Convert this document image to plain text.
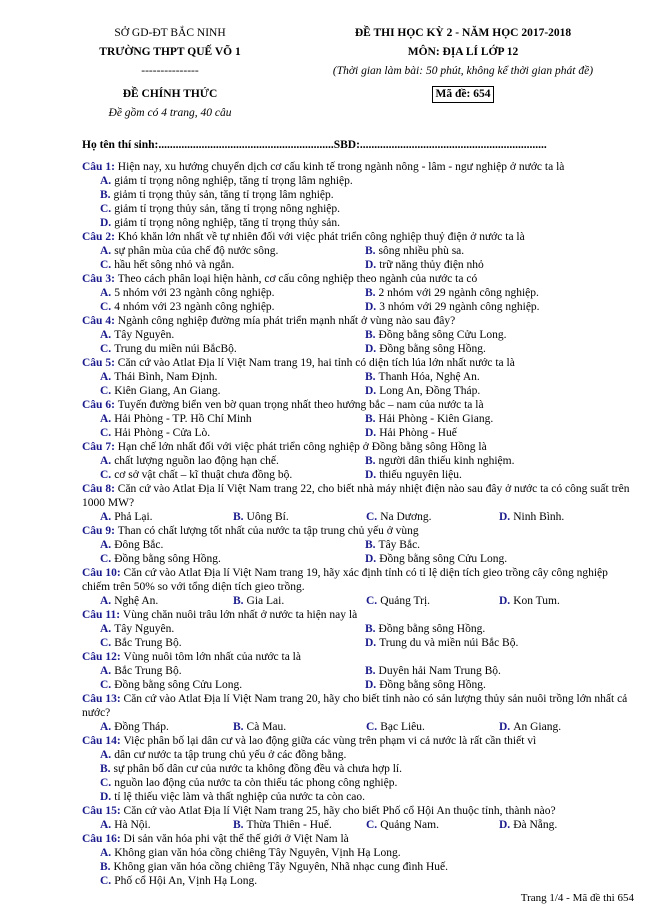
SỞ GD-ĐT BẮC NINH
TRƯỜNG THPT QUẾ VÕ 1
---------------
ĐỀ CHÍNH THỨC
Đề gồm có 4 trang, 40 câu
ĐỀ THI HỌC KỲ 2 - NĂM HỌC 2017-2018
MÔN: ĐỊA LÍ LỚP 12
(Thời gian làm bài: 50 phút, không kể thời gian phát đề)
Mã đề: 654
Họ tên thí sinh:.............................................................SBD:.................................................................
Câu 1: Hiện nay, xu hướng chuyển dịch cơ cấu kinh tế trong ngành nông - lâm - ngư nghiệp ở nước ta là
A. giảm tỉ trọng nông nghiệp, tăng tỉ trọng lâm nghiệp.
B. giảm tỉ trọng thủy sản, tăng tỉ trọng lâm nghiệp.
C. giảm tỉ trọng thủy sản, tăng tỉ trọng nông nghiệp.
D. giảm tỉ trọng nông nghiệp, tăng tỉ trọng thủy sản.
Câu 2: Khó khăn lớn nhất về tự nhiên đối với việc phát triển công nghiệp thuỷ điện ở nước ta là
A. sự phân mùa của chế độ nước sông.	B. sông nhiều phù sa.
C. hầu hết sông nhỏ và ngắn.	D. trữ năng thủy điện nhỏ
Câu 3: Theo cách phân loại hiện hành, cơ cấu công nghiệp theo ngành của nước ta có
A. 5 nhóm với 23 ngành công nghiệp.	B. 2 nhóm với 29 ngành công nghiệp.
C. 4 nhóm với 23 ngành công nghiệp.	D. 3 nhóm với 29 ngành công nghiệp.
Câu 4: Ngành công nghiệp đường mía phát triển mạnh nhất ở vùng nào sau đây?
A. Tây Nguyên.	B. Đồng bằng sông Cửu Long.
C. Trung du miền núi BắcBộ.	D. Đồng bằng sông Hồng.
Câu 5: Căn cứ vào Atlat Địa lí Việt Nam trang 19, hai tỉnh có diện tích lúa lớn nhất nước ta là
A. Thái Bình, Nam Định.	B. Thanh Hóa, Nghệ An.
C. Kiên Giang, An Giang.	D. Long An, Đồng Tháp.
Câu 6: Tuyến đường biển ven bờ quan trọng nhất theo hướng bắc – nam của nước ta là
A. Hải Phòng - TP. Hồ Chí Minh	B. Hải Phòng - Kiên Giang.
C. Hải Phòng - Cửa Lò.	D. Hải Phòng - Huế
Câu 7: Hạn chế lớn nhất đối với việc phát triển công nghiệp ở Đồng bằng sông Hồng là
A. chất lượng nguồn lao động hạn chế.	B. người dân thiếu kinh nghiệm.
C. cơ sở vật chất – kĩ thuật chưa đồng bộ.	D. thiếu nguyên liệu.
Câu 8: Căn cứ vào Atlat Địa lí Việt Nam trang 22, cho biết nhà máy nhiệt điện nào sau đây ở nước ta có công suất trên 1000 MW?
A. Phả Lại.	B. Uông Bí.	C. Na Dương.	D. Ninh Bình.
Câu 9: Than có chất lượng tốt nhất của nước ta tập trung chủ yếu ở vùng
A. Đông Bắc.	B. Tây Bắc.
C. Đồng bằng sông Hồng.	D. Đồng bằng sông Cửu Long.
Câu 10: Căn cứ vào Atlat Địa lí Việt Nam trang 19, hãy xác định tỉnh có tỉ lệ diện tích gieo trồng cây công nghiệp chiếm trên 50% so với tổng diện tích gieo trồng.
A. Nghệ An.	B. Gia Lai.	C. Quảng Trị.	D. Kon Tum.
Câu 11: Vùng chăn nuôi trâu lớn nhất ở nước ta hiện nay là
A. Tây Nguyên.	B. Đồng bằng sông Hồng.
C. Bắc Trung Bộ.	D. Trung du và miền núi Bắc Bộ.
Câu 12: Vùng nuôi tôm lớn nhất của nước ta là
A. Bắc Trung Bộ.	B. Duyên hải Nam Trung Bộ.
C. Đồng bằng sông Cửu Long.	D. Đồng bằng sông Hồng.
Câu 13: Căn cứ vào Atlat Địa lí Việt Nam trang 20, hãy cho biết tỉnh nào có sản lượng thủy sản nuôi trồng lớn nhất cả nước?
A. Đồng Tháp.	B. Cà Mau.	C. Bạc Liêu.	D. An Giang.
Câu 14: Việc phân bố lại dân cư và lao động giữa các vùng trên phạm vi cả nước là rất cần thiết vì
A. dân cư nước ta tập trung chủ yếu ở các đồng bằng.
B. sự phân bố dân cư của nước ta không đồng đều và chưa hợp lí.
C. nguồn lao động của nước ta còn thiếu tác phong công nghiệp.
D. tỉ lệ thiếu việc làm và thất nghiệp của nước ta còn cao.
Câu 15: Căn cứ vào Atlat Địa lí Việt Nam trang 25, hãy cho biết Phố cổ Hội An thuộc tỉnh, thành nào?
A. Hà Nội.	B. Thừa Thiên - Huế.	C. Quảng Nam.	D. Đà Nẵng.
Câu 16: Di sản văn hóa phi vật thể thế giới ở Việt Nam là
A. Không gian văn hóa cồng chiêng Tây Nguyên, Vịnh Hạ Long.
B. Không gian văn hóa cồng chiêng Tây Nguyên, Nhã nhạc cung đình Huế.
C. Phố cổ Hội An, Vịnh Hạ Long.
Trang 1/4 - Mã đề thi 654
